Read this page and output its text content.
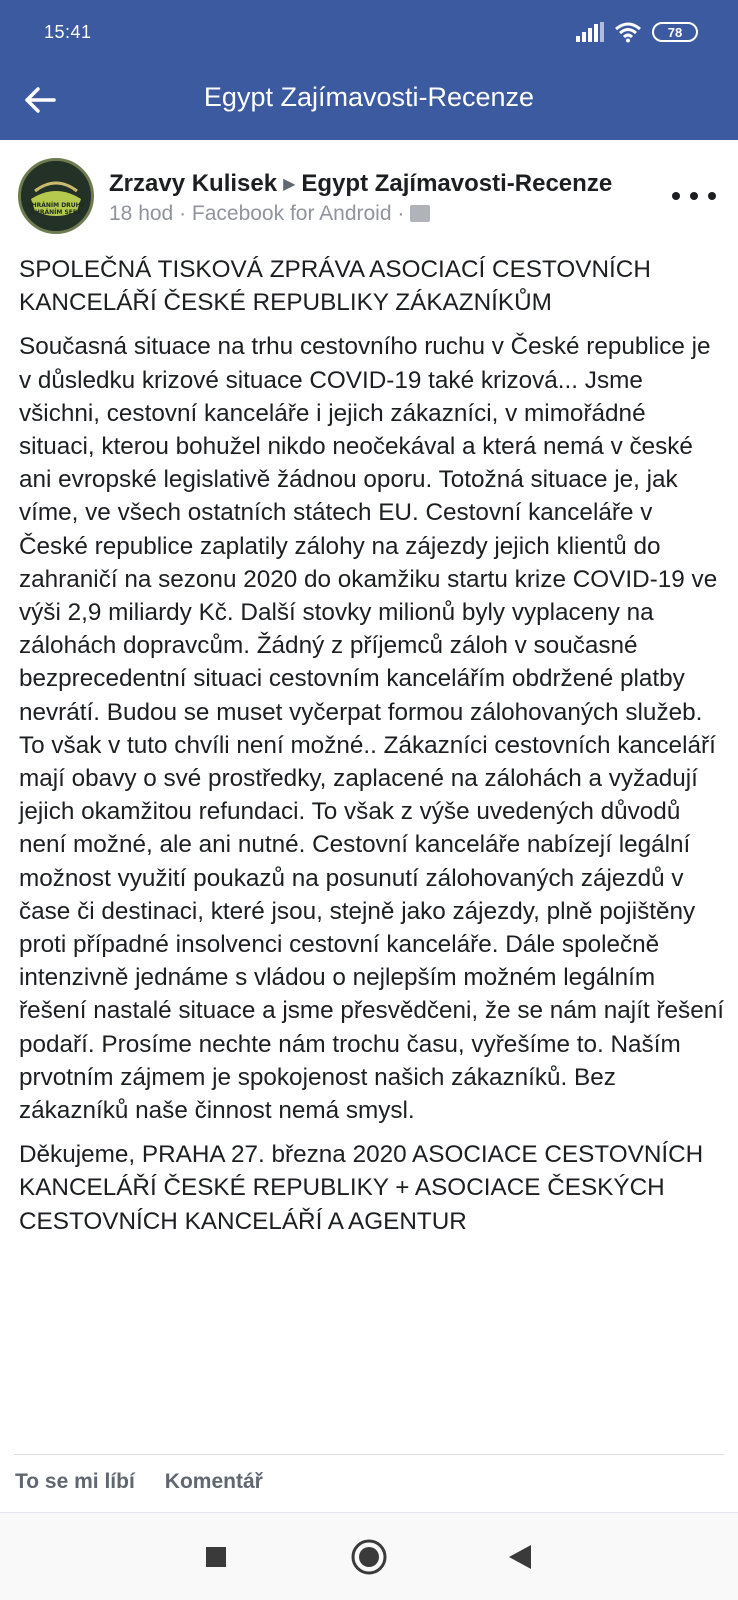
15:41	78
Egypt Zajímavosti-Recenze
CHRÁNÍM DRUHÉ
CHRÁNÍM SEBE
Zrzavy Kulisek ▶ Egypt Zajímavosti-Recenze
18 hod · Facebook for Android ·

SPOLEČNÁ TISKOVÁ ZPRÁVA ASOCIACÍ CESTOVNÍCH KANCELÁŘÍ ČESKÉ REPUBLIKY ZÁKAZNÍKŮM

Současná situace na trhu cestovního ruchu v České republice je v důsledku krizové situace COVID-19 také krizová... Jsme všichni, cestovní kanceláře i jejich zákazníci, v mimořádné situaci, kterou bohužel nikdo neočekával a která nemá v české ani evropské legislativě žádnou oporu. Totožná situace je, jak víme, ve všech ostatních státech EU. Cestovní kanceláře v České republice zaplatily zálohy na zájezdy jejich klientů do zahraničí na sezonu 2020 do okamžiku startu krize COVID-19 ve výši 2,9 miliardy Kč. Další stovky milionů byly vyplaceny na zálohách dopravcům. Žádný z příjemců záloh v současné bezprecedentní situaci cestovním kancelářím obdržené platby nevrátí. Budou se muset vyčerpat formou zálohovaných služeb. To však v tuto chvíli není možné.. Zákazníci cestovních kanceláří mají obavy o své prostředky, zaplacené na zálohách a vyžadují jejich okamžitou refundaci. To však z výše uvedených důvodů není možné, ale ani nutné. Cestovní kanceláře nabízejí legální možnost využití poukazů na posunutí zálohovaných zájezdů v čase či destinaci, které jsou, stejně jako zájezdy, plně pojištěny proti případné insolvenci cestovní kanceláře. Dále společně intenzivně jednáme s vládou o nejlepším možném legálním řešení nastalé situace a jsme přesvědčeni, že se nám najít řešení podaří. Prosíme nechte nám trochu času, vyřešíme to. Naším prvotním zájmem je spokojenost našich zákazníků. Bez zákazníků naše činnost nemá smysl.

Děkujeme, PRAHA 27. března 2020 ASOCIACE CESTOVNÍCH KANCELÁŘÍ ČESKÉ REPUBLIKY + ASOCIACE ČESKÝCH CESTOVNÍCH KANCELÁŘÍ A AGENTUR

To se mi líbí Komentář
